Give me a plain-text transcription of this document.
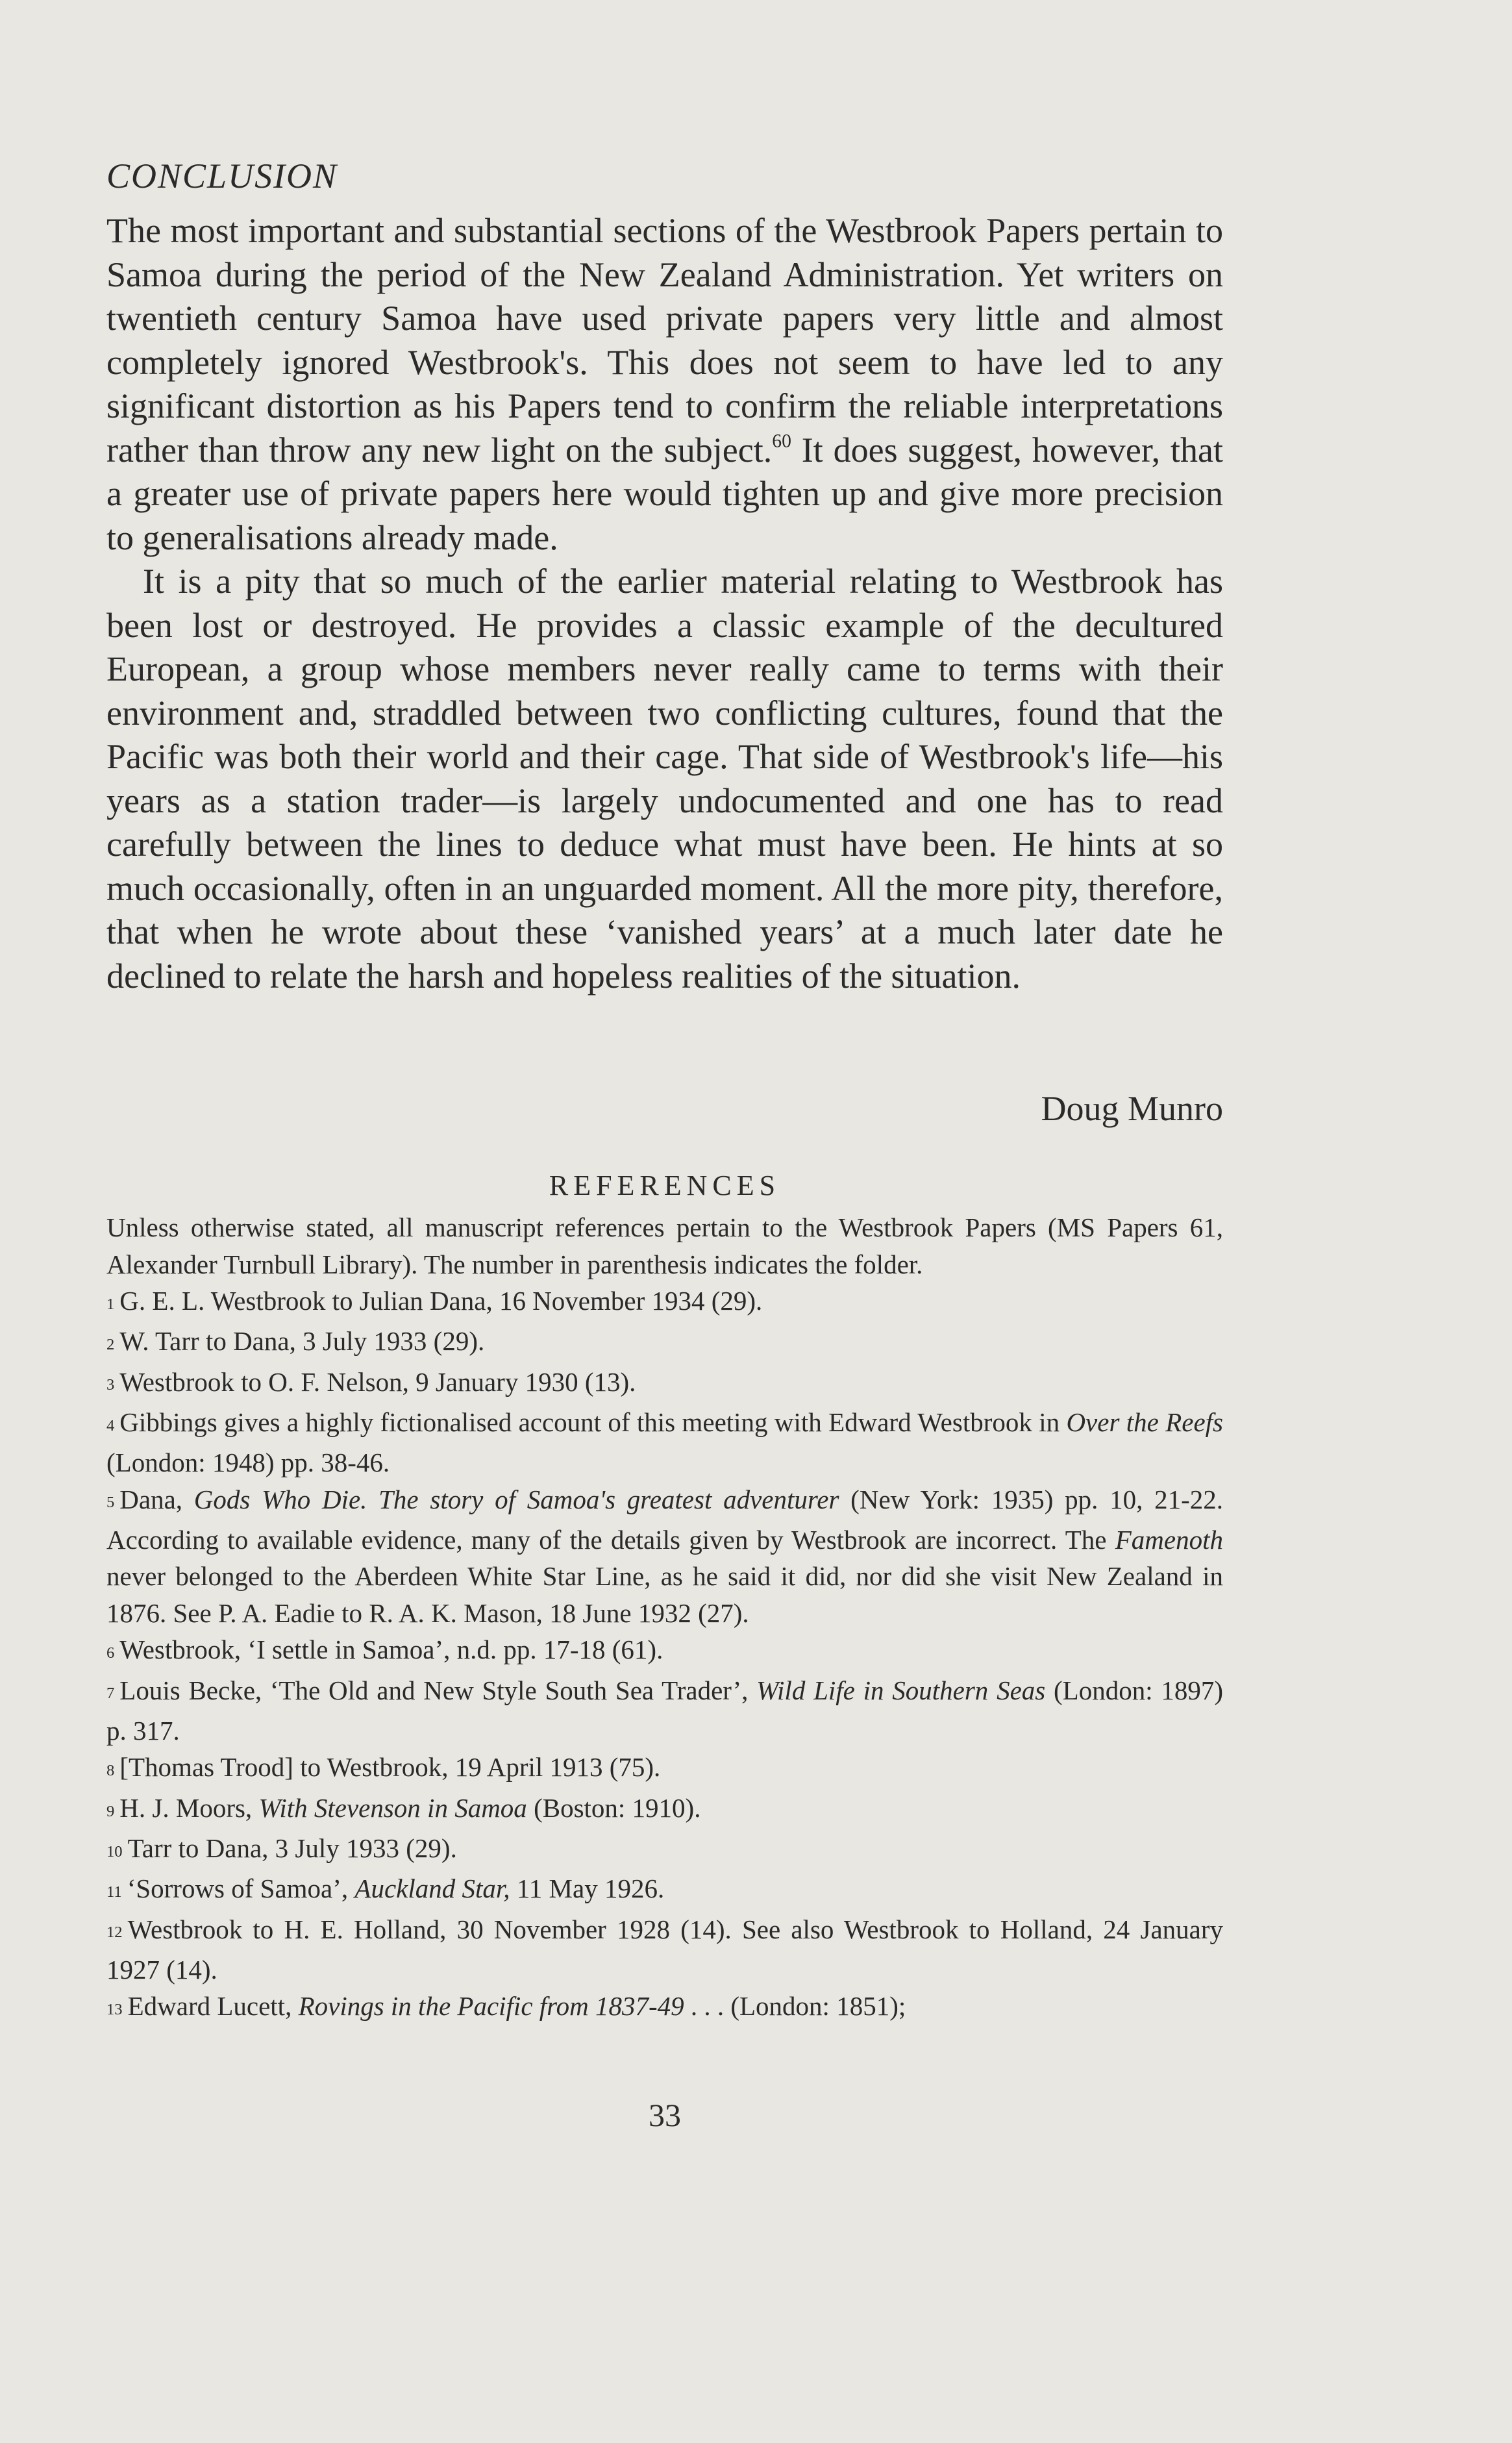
CONCLUSION

The most important and substantial sections of the Westbrook Papers pertain to Samoa during the period of the New Zealand Administration. Yet writers on twentieth century Samoa have used private papers very little and almost completely ignored Westbrook's. This does not seem to have led to any significant distortion as his Papers tend to confirm the reliable interpretations rather than throw any new light on the subject.$^{60}$ It does suggest, however, that a greater use of private papers here would tighten up and give more precision to generalisations already made.

It is a pity that so much of the earlier material relating to Westbrook has been lost or destroyed. He provides a classic example of the decultured European, a group whose members never really came to terms with their environment and, straddled between two conflicting cultures, found that the Pacific was both their world and their cage. That side of Westbrook's life—his years as a station trader—is largely undocumented and one has to read carefully between the lines to deduce what must have been. He hints at so much occasionally, often in an unguarded moment. All the more pity, therefore, that when he wrote about these ‘vanished years’ at a much later date he declined to relate the harsh and hopeless realities of the situation.

Doug Munro
REFERENCES

Unless otherwise stated, all manuscript references pertain to the Westbrook Papers (MS Papers 61, Alexander Turnbull Library). The number in parenthesis indicates the folder.

1 G. E. L. Westbrook to Julian Dana, 16 November 1934 (29).

2 W. Tarr to Dana, 3 July 1933 (29).

3 Westbrook to O. F. Nelson, 9 January 1930 (13).

4 Gibbings gives a highly fictionalised account of this meeting with Edward Westbrook in Over the Reefs (London: 1948) pp. 38-46.

5 Dana, Gods Who Die. The story of Samoa's greatest adventurer (New York: 1935) pp. 10, 21-22. According to available evidence, many of the details given by Westbrook are incorrect. The Famenoth never belonged to the Aberdeen White Star Line, as he said it did, nor did she visit New Zealand in 1876. See P. A. Eadie to R. A. K. Mason, 18 June 1932 (27).

6 Westbrook, ‘I settle in Samoa’, n.d. pp. 17-18 (61).

7 Louis Becke, ‘The Old and New Style South Sea Trader’, Wild Life in Southern Seas (London: 1897) p. 317.

8 [Thomas Trood] to Westbrook, 19 April 1913 (75).

9 H. J. Moors, With Stevenson in Samoa (Boston: 1910).

10 Tarr to Dana, 3 July 1933 (29).

11 ‘Sorrows of Samoa’, Auckland Star, 11 May 1926.

12 Westbrook to H. E. Holland, 30 November 1928 (14). See also Westbrook to Holland, 24 January 1927 (14).

13 Edward Lucett, Rovings in the Pacific from 1837-49 . . . (London: 1851);

33
